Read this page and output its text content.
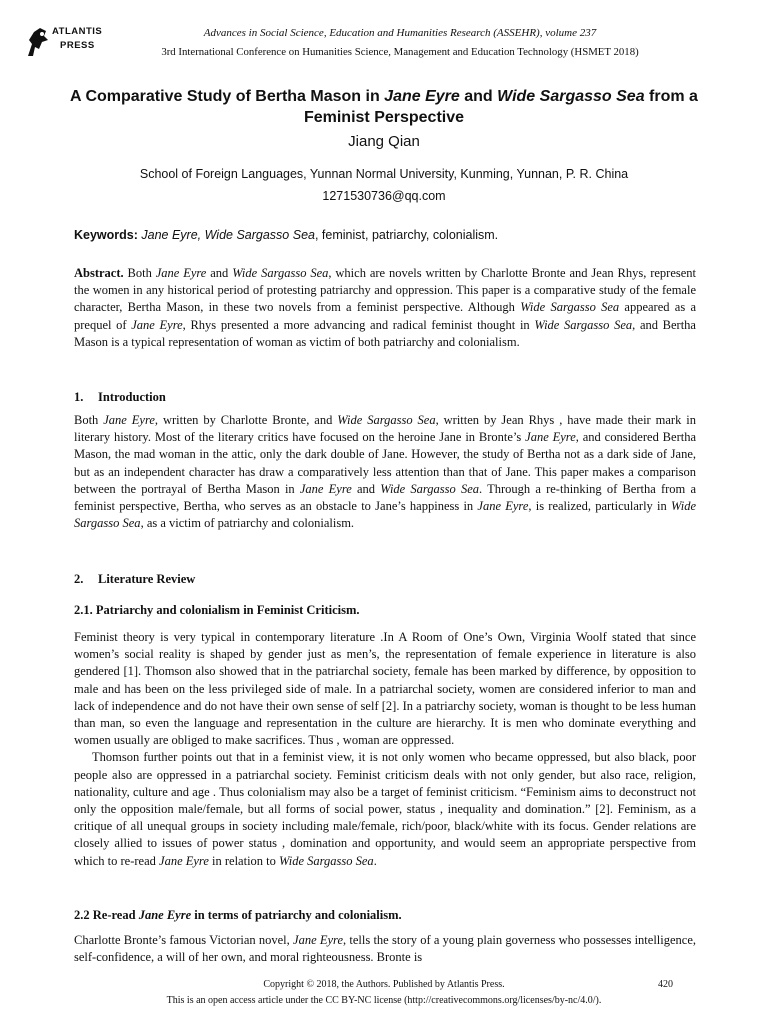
ATLANTIS
PRESS
Advances in Social Science, Education and Humanities Research (ASSEHR), volume 237
3rd International Conference on Humanities Science, Management and Education Technology (HSMET 2018)
A Comparative Study of Bertha Mason in Jane Eyre and Wide Sargasso Sea from a Feminist Perspective
Jiang Qian
School of Foreign Languages, Yunnan Normal University, Kunming, Yunnan, P. R. China
1271530736@qq.com
Keywords: Jane Eyre, Wide Sargasso Sea, feminist, patriarchy, colonialism.
Abstract. Both Jane Eyre and Wide Sargasso Sea, which are novels written by Charlotte Bronte and Jean Rhys, represent the women in any historical period of protesting patriarchy and oppression. This paper is a comparative study of the female character, Bertha Mason, in these two novels from a feminist perspective. Although Wide Sargasso Sea appeared as a prequel of Jane Eyre, Rhys presented a more advancing and radical feminist thought in Wide Sargasso Sea, and Bertha Mason is a typical representation of woman as victim of both patriarchy and colonialism.
1. Introduction
Both Jane Eyre, written by Charlotte Bronte, and Wide Sargasso Sea, written by Jean Rhys , have made their mark in literary history. Most of the literary critics have focused on the heroine Jane in Bronte’s Jane Eyre, and considered Bertha Mason, the mad woman in the attic, only the dark double of Jane. However, the study of Bertha not as a dark side of Jane, but as an independent character has draw a comparatively less attention than that of Jane. This paper makes a comparison between the portrayal of Bertha Mason in Jane Eyre and Wide Sargasso Sea. Through a re-thinking of Bertha from a feminist perspective, Bertha, who serves as an obstacle to Jane’s happiness in Jane Eyre, is realized, particularly in Wide Sargasso Sea, as a victim of patriarchy and colonialism.
2. Literature Review
2.1. Patriarchy and colonialism in Feminist Criticism.

Feminist theory is very typical in contemporary literature .In A Room of One’s Own, Virginia Woolf stated that since women’s social reality is shaped by gender just as men’s, the representation of female experience in literature is also gendered [1]. Thomson also showed that in the patriarchal society, female has been marked by difference, by opposition to male and has been on the less privileged side of male. In a patriarchal society, women are considered inferior to man and lack of independence and do not have their own sense of self [2]. In a patriarchy society, woman is thought to be less human than man, so even the language and representation in the culture are hierarchy. It is men who dominate everything and women usually are obliged to make sacrifices. Thus , woman are oppressed.

Thomson further points out that in a feminist view, it is not only women who became oppressed, but also black, poor people also are oppressed in a patriarchal society. Feminist criticism deals with not only gender, but also race, religion, nationality, culture and age . Thus colonialism may also be a target of feminist criticism. “Feminism aims to deconstruct not only the opposition male/female, but all forms of social power, status , inequality and domination.” [2]. Feminism, as a critique of all unequal groups in society including male/female, rich/poor, black/white with its focus. Gender relations are closely allied to issues of power status , domination and opportunity, and would seem an appropriate perspective from which to re-read Jane Eyre in relation to Wide Sargasso Sea.

2.2 Re-read Jane Eyre in terms of patriarchy and colonialism.
Charlotte Bronte’s famous Victorian novel, Jane Eyre, tells the story of a young plain governess who possesses intelligence, self-confidence, a will of her own, and moral righteousness. Bronte is
Copyright © 2018, the Authors. Published by Atlantis Press.	420
This is an open access article under the CC BY-NC license (http://creativecommons.org/licenses/by-nc/4.0/).
